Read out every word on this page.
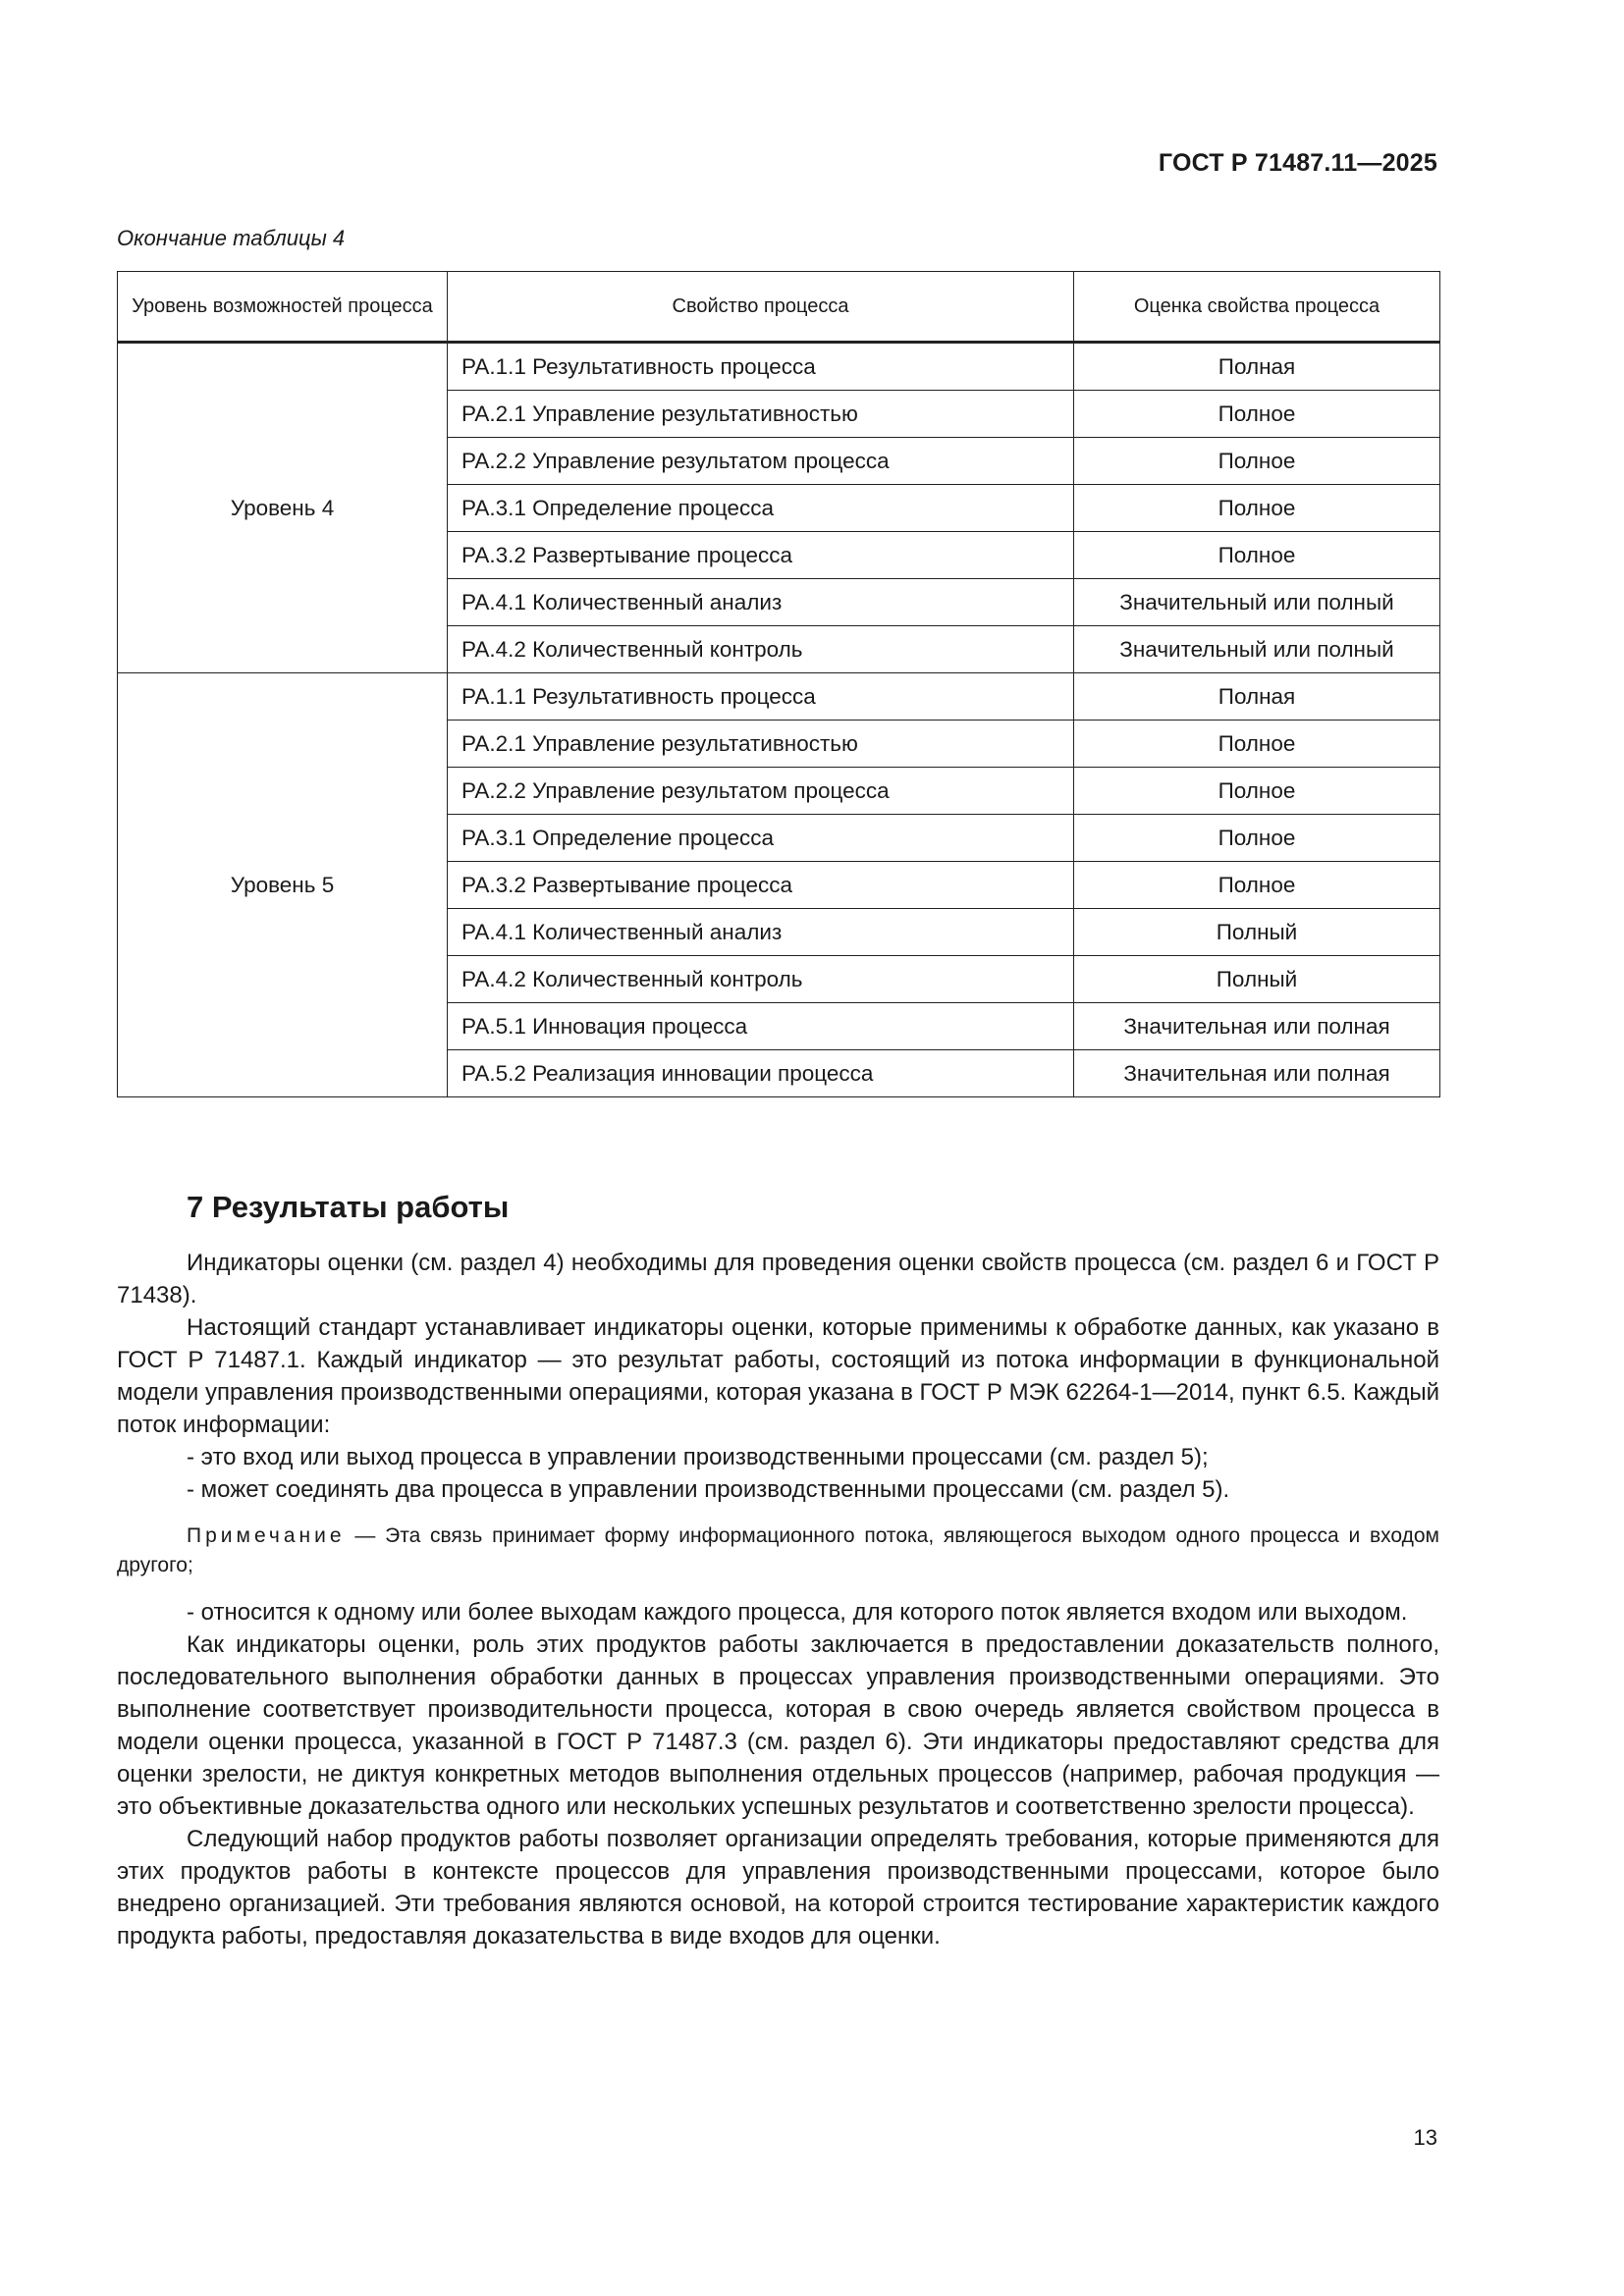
ГОСТ Р 71487.11—2025
Окончание таблицы 4
Уровень возможностей процесса	Свойство процесса	Оценка свойства процесса
Уровень 4	PA.1.1 Результативность процесса	Полная
	PA.2.1 Управление результативностью	Полное
	PA.2.2 Управление результатом процесса	Полное
	PA.3.1 Определение процесса	Полное
	PA.3.2 Развертывание процесса	Полное
	PA.4.1 Количественный анализ	Значительный или полный
	PA.4.2 Количественный контроль	Значительный или полный
Уровень 5	PA.1.1 Результативность процесса	Полная
	PA.2.1 Управление результативностью	Полное
	PA.2.2 Управление результатом процесса	Полное
	PA.3.1 Определение процесса	Полное
	PA.3.2 Развертывание процесса	Полное
	PA.4.1 Количественный анализ	Полный
	PA.4.2 Количественный контроль	Полный
	PA.5.1 Инновация процесса	Значительная или полная
	PA.5.2 Реализация инновации процесса	Значительная или полная
7 Результаты работы

Индикаторы оценки (см. раздел 4) необходимы для проведения оценки свойств процесса (см. раздел 6 и ГОСТ Р 71438).

Настоящий стандарт устанавливает индикаторы оценки, которые применимы к обработке данных, как указано в ГОСТ Р 71487.1. Каждый индикатор — это результат работы, состоящий из потока информации в функциональной модели управления производственными операциями, которая указана в ГОСТ Р МЭК 62264-1—2014, пункт 6.5. Каждый поток информации:

- это вход или выход процесса в управлении производственными процессами (см. раздел 5);

- может соединять два процесса в управлении производственными процессами (см. раздел 5).

Примечание — Эта связь принимает форму информационного потока, являющегося выходом одного процесса и входом другого;

- относится к одному или более выходам каждого процесса, для которого поток является входом или выходом.

Как индикаторы оценки, роль этих продуктов работы заключается в предоставлении доказательств полного, последовательного выполнения обработки данных в процессах управления производственными операциями. Это выполнение соответствует производительности процесса, которая в свою очередь является свойством процесса в модели оценки процесса, указанной в ГОСТ Р 71487.3 (см. раздел 6). Эти индикаторы предоставляют средства для оценки зрелости, не диктуя конкретных методов выполнения отдельных процессов (например, рабочая продукция — это объективные доказательства одного или нескольких успешных результатов и соответственно зрелости процесса).

Следующий набор продуктов работы позволяет организации определять требования, которые применяются для этих продуктов работы в контексте процессов для управления производственными процессами, которое было внедрено организацией. Эти требования являются основой, на которой строится тестирование характеристик каждого продукта работы, предоставляя доказательства в виде входов для оценки.

13
